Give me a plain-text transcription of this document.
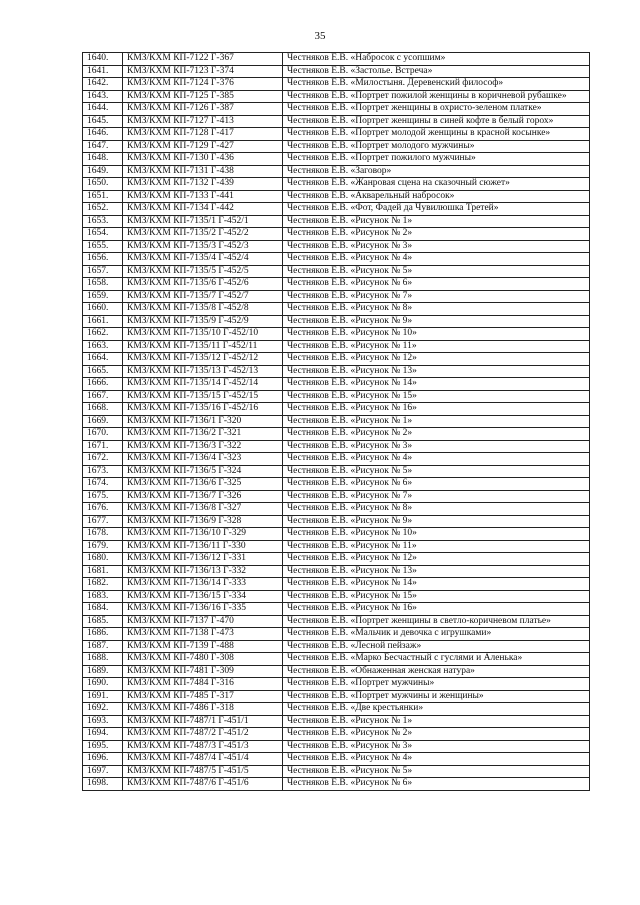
35
1640.	КМЗ/КХМ КП-7122 Г-367	Честняков Е.В. «Набросок с усопшим»
1641.	КМЗ/КХМ КП-7123 Г-374	Честняков Е.В. «Застолье. Встреча»
1642.	КМЗ/КХМ КП-7124 Г-376	Честняков Е.В. «Милостыня. Деревенский философ»
1643.	КМЗ/КХМ КП-7125 Г-385	Честняков Е.В. «Портрет пожилой женщины в коричневой рубашке»
1644.	КМЗ/КХМ КП-7126 Г-387	Честняков Е.В. «Портрет женщины в охристо-зеленом платке»
1645.	КМЗ/КХМ КП-7127 Г-413	Честняков Е.В. «Портрет женщины в синей кофте в белый горох»
1646.	КМЗ/КХМ КП-7128 Г-417	Честняков Е.В. «Портрет молодой женщины в красной косынке»
1647.	КМЗ/КХМ КП-7129 Г-427	Честняков Е.В. «Портрет молодого мужчины»
1648.	КМЗ/КХМ КП-7130 Г-436	Честняков Е.В. «Портрет пожилого мужчины»
1649.	КМЗ/КХМ КП-7131 Г-438	Честняков Е.В. «Заговор»
1650.	КМЗ/КХМ КП-7132 Г-439	Честняков Е.В. «Жанровая сцена на сказочный сюжет»
1651.	КМЗ/КХМ КП-7133 Г-441	Честняков Е.В. «Акварельный набросок»
1652.	КМЗ/КХМ КП-7134 Г-442	Честняков Е.В. «Фот, Фадей да Чувилюшка Третей»
1653.	КМЗ/КХМ КП-7135/1 Г-452/1	Честняков Е.В. «Рисунок № 1»
1654.	КМЗ/КХМ КП-7135/2 Г-452/2	Честняков Е.В. «Рисунок № 2»
1655.	КМЗ/КХМ КП-7135/3 Г-452/3	Честняков Е.В. «Рисунок № 3»
1656.	КМЗ/КХМ КП-7135/4 Г-452/4	Честняков Е.В. «Рисунок № 4»
1657.	КМЗ/КХМ КП-7135/5 Г-452/5	Честняков Е.В. «Рисунок № 5»
1658.	КМЗ/КХМ КП-7135/6 Г-452/6	Честняков Е.В. «Рисунок № 6»
1659.	КМЗ/КХМ КП-7135/7 Г-452/7	Честняков Е.В. «Рисунок № 7»
1660.	КМЗ/КХМ КП-7135/8 Г-452/8	Честняков Е.В. «Рисунок № 8»
1661.	КМЗ/КХМ КП-7135/9 Г-452/9	Честняков Е.В. «Рисунок № 9»
1662.	КМЗ/КХМ КП-7135/10 Г-452/10	Честняков Е.В. «Рисунок № 10»
1663.	КМЗ/КХМ КП-7135/11 Г-452/11	Честняков Е.В. «Рисунок № 11»
1664.	КМЗ/КХМ КП-7135/12 Г-452/12	Честняков Е.В. «Рисунок № 12»
1665.	КМЗ/КХМ КП-7135/13 Г-452/13	Честняков Е.В. «Рисунок № 13»
1666.	КМЗ/КХМ КП-7135/14 Г-452/14	Честняков Е.В. «Рисунок № 14»
1667.	КМЗ/КХМ КП-7135/15 Г-452/15	Честняков Е.В. «Рисунок № 15»
1668.	КМЗ/КХМ КП-7135/16 Г-452/16	Честняков Е.В. «Рисунок № 16»
1669.	КМЗ/КХМ КП-7136/1 Г-320	Честняков Е.В. «Рисунок № 1»
1670.	КМЗ/КХМ КП-7136/2 Г-321	Честняков Е.В. «Рисунок № 2»
1671.	КМЗ/КХМ КП-7136/3 Г-322	Честняков Е.В. «Рисунок № 3»
1672.	КМЗ/КХМ КП-7136/4 Г-323	Честняков Е.В. «Рисунок № 4»
1673.	КМЗ/КХМ КП-7136/5 Г-324	Честняков Е.В. «Рисунок № 5»
1674.	КМЗ/КХМ КП-7136/6 Г-325	Честняков Е.В. «Рисунок № 6»
1675.	КМЗ/КХМ КП-7136/7 Г-326	Честняков Е.В. «Рисунок № 7»
1676.	КМЗ/КХМ КП-7136/8 Г-327	Честняков Е.В. «Рисунок № 8»
1677.	КМЗ/КХМ КП-7136/9 Г-328	Честняков Е.В. «Рисунок № 9»
1678.	КМЗ/КХМ КП-7136/10 Г-329	Честняков Е.В. «Рисунок № 10»
1679.	КМЗ/КХМ КП-7136/11 Г-330	Честняков Е.В. «Рисунок № 11»
1680.	КМЗ/КХМ КП-7136/12 Г-331	Честняков Е.В. «Рисунок № 12»
1681.	КМЗ/КХМ КП-7136/13 Г-332	Честняков Е.В. «Рисунок № 13»
1682.	КМЗ/КХМ КП-7136/14 Г-333	Честняков Е.В. «Рисунок № 14»
1683.	КМЗ/КХМ КП-7136/15 Г-334	Честняков Е.В. «Рисунок № 15»
1684.	КМЗ/КХМ КП-7136/16 Г-335	Честняков Е.В. «Рисунок № 16»
1685.	КМЗ/КХМ КП-7137 Г-470	Честняков Е.В. «Портрет женщины в светло-коричневом платье»
1686.	КМЗ/КХМ КП-7138 Г-473	Честняков Е.В. «Мальчик и девочка с игрушками»
1687.	КМЗ/КХМ КП-7139 Г-488	Честняков Е.В. «Лесной пейзаж»
1688.	КМЗ/КХМ КП-7480 Г-308	Честняков Е.В. «Марко Бесчастный с гуслями и Аленька»
1689.	КМЗ/КХМ КП-7481 Г-309	Честняков Е.В. «Обнаженная женская натура»
1690.	КМЗ/КХМ КП-7484 Г-316	Честняков Е.В. «Портрет мужчины»
1691.	КМЗ/КХМ КП-7485 Г-317	Честняков Е.В. «Портрет мужчины и женщины»
1692.	КМЗ/КХМ КП-7486 Г-318	Честняков Е.В. «Две крестьянки»
1693.	КМЗ/КХМ КП-7487/1 Г-451/1	Честняков Е.В. «Рисунок № 1»
1694.	КМЗ/КХМ КП-7487/2 Г-451/2	Честняков Е.В. «Рисунок № 2»
1695.	КМЗ/КХМ КП-7487/3 Г-451/3	Честняков Е.В. «Рисунок № 3»
1696.	КМЗ/КХМ КП-7487/4 Г-451/4	Честняков Е.В. «Рисунок № 4»
1697.	КМЗ/КХМ КП-7487/5 Г-451/5	Честняков Е.В. «Рисунок № 5»
1698.	КМЗ/КХМ КП-7487/6 Г-451/6	Честняков Е.В. «Рисунок № 6»
